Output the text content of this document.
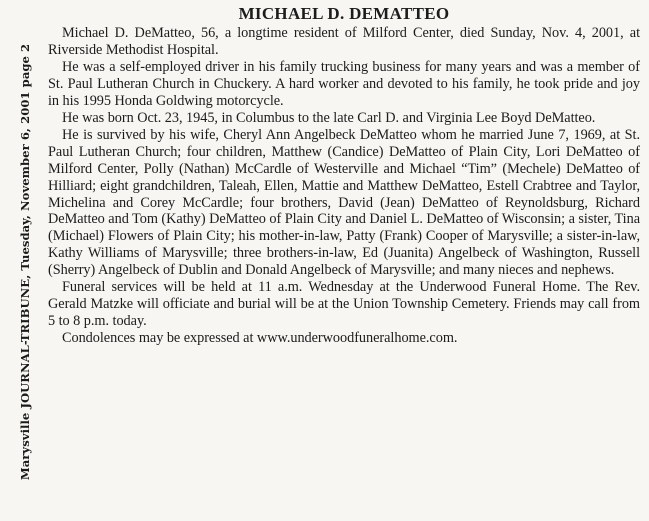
Marysville JOURNAL-TRIBUNE, Tuesday, November 6, 2001 page 2
MICHAEL D. DEMATTEO

Michael D. DeMatteo, 56, a longtime resident of Milford Center, died Sunday, Nov. 4, 2001, at Riverside Methodist Hospital.

He was a self-employed driver in his family trucking business for many years and was a member of St. Paul Lutheran Church in Chuckery. A hard worker and devoted to his family, he took pride and joy in his 1995 Honda Goldwing motorcycle.

He was born Oct. 23, 1945, in Columbus to the late Carl D. and Virginia Lee Boyd DeMatteo.

He is survived by his wife, Cheryl Ann Angelbeck DeMatteo whom he married June 7, 1969, at St. Paul Lutheran Church; four children, Matthew (Candice) DeMatteo of Plain City, Lori DeMatteo of Milford Center, Polly (Nathan) McCardle of Westerville and Michael “Tim” (Mechele) DeMatteo of Hilliard; eight grandchildren, Taleah, Ellen, Mattie and Matthew DeMatteo, Estell Crabtree and Taylor, Michelina and Corey McCardle; four brothers, David (Jean) DeMatteo of Reynoldsburg, Richard DeMatteo and Tom (Kathy) DeMatteo of Plain City and Daniel L. DeMatteo of Wisconsin; a sister, Tina (Michael) Flowers of Plain City; his mother-in-law, Patty (Frank) Cooper of Marysville; a sister-in-law, Kathy Williams of Marysville; three brothers-in-law, Ed (Juanita) Angelbeck of Washington, Russell (Sherry) Angelbeck of Dublin and Donald Angelbeck of Marysville; and many nieces and nephews.

Funeral services will be held at 11 a.m. Wednesday at the Underwood Funeral Home. The Rev. Gerald Matzke will officiate and burial will be at the Union Township Cemetery. Friends may call from 5 to 8 p.m. today.

Condolences may be expressed at www.underwoodfuneralhome.com.
